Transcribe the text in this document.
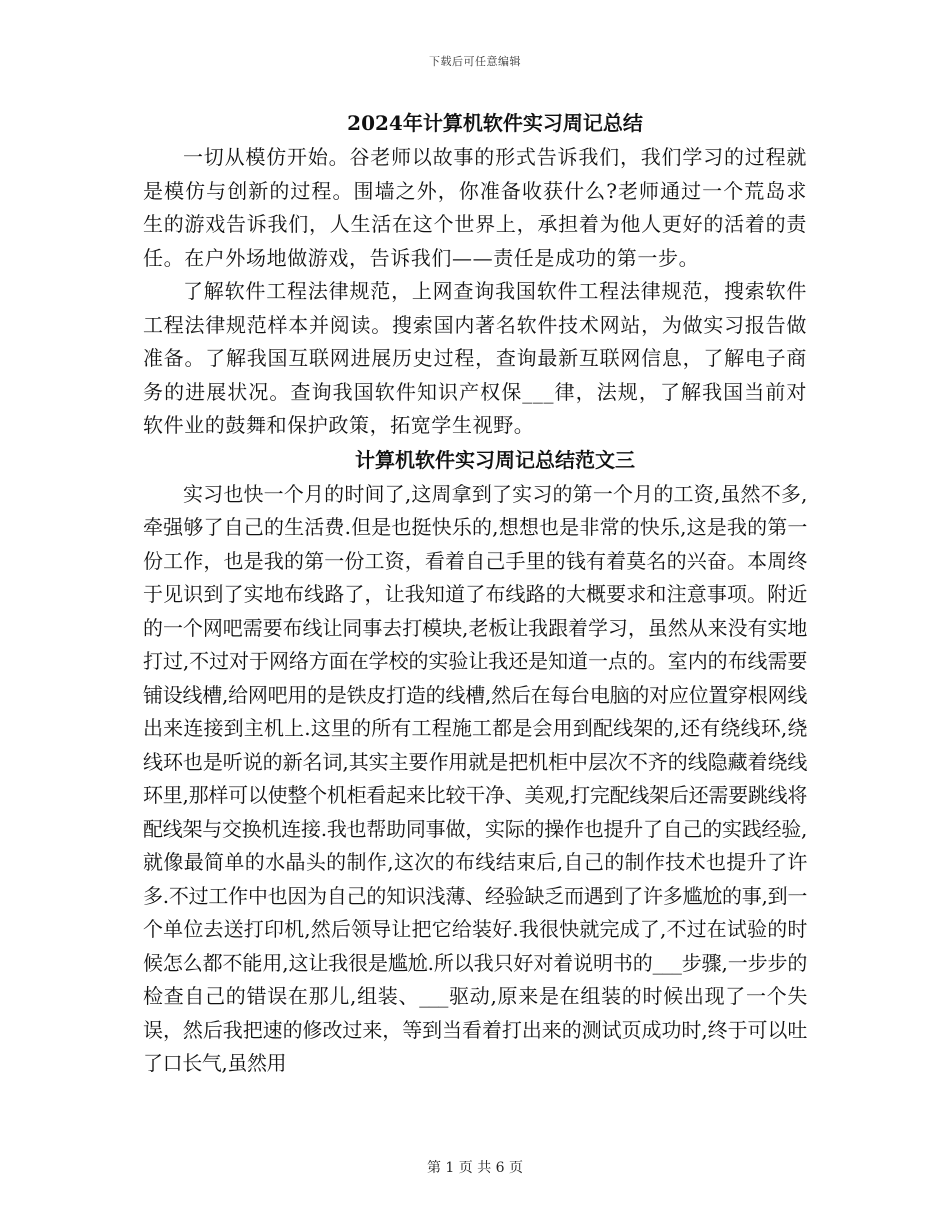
下载后可任意编辑
2024年计算机软件实习周记总结

一切从模仿开始。谷老师以故事的形式告诉我们，我们学习的过程就是模仿与创新的过程。围墙之外，你准备收获什么?老师通过一个荒岛求生的游戏告诉我们，人生活在这个世界上，承担着为他人更好的活着的责任。在户外场地做游戏，告诉我们——责任是成功的第一步。

了解软件工程法律规范，上网查询我国软件工程法律规范，搜索软件工程法律规范样本并阅读。搜索国内著名软件技术网站，为做实习报告做准备。了解我国互联网进展历史过程，查询最新互联网信息，了解电子商务的进展状况。查询我国软件知识产权保___律，法规，了解我国当前对软件业的鼓舞和保护政策，拓宽学生视野。

计算机软件实习周记总结范文三

实习也快一个月的时间了,这周拿到了实习的第一个月的工资,虽然不多,牵强够了自己的生活费.但是也挺快乐的,想想也是非常的快乐,这是我的第一份工作，也是我的第一份工资，看着自己手里的钱有着莫名的兴奋。本周终于见识到了实地布线路了，让我知道了布线路的大概要求和注意事项。附近的一个网吧需要布线让同事去打模块,老板让我跟着学习，虽然从来没有实地打过,不过对于网络方面在学校的实验让我还是知道一点的。室内的布线需要铺设线槽,给网吧用的是铁皮打造的线槽,然后在每台电脑的对应位置穿根网线出来连接到主机上.这里的所有工程施工都是会用到配线架的,还有绕线环,绕线环也是听说的新名词,其实主要作用就是把机柜中层次不齐的线隐藏着绕线环里,那样可以使整个机柜看起来比较干净、美观,打完配线架后还需要跳线将配线架与交换机连接.我也帮助同事做，实际的操作也提升了自己的实践经验,就像最简单的水晶头的制作,这次的布线结束后,自己的制作技术也提升了许多.不过工作中也因为自己的知识浅薄、经验缺乏而遇到了许多尴尬的事,到一个单位去送打印机,然后领导让把它给装好.我很快就完成了,不过在试验的时候怎么都不能用,这让我很是尴尬.所以我只好对着说明书的___步骤,一步步的检查自己的错误在那儿,组装、___驱动,原来是在组装的时候出现了一个失误，然后我把速的修改过来，等到当看着打出来的测试页成功时,终于可以吐了口长气,虽然用

第 1 页 共 6 页
